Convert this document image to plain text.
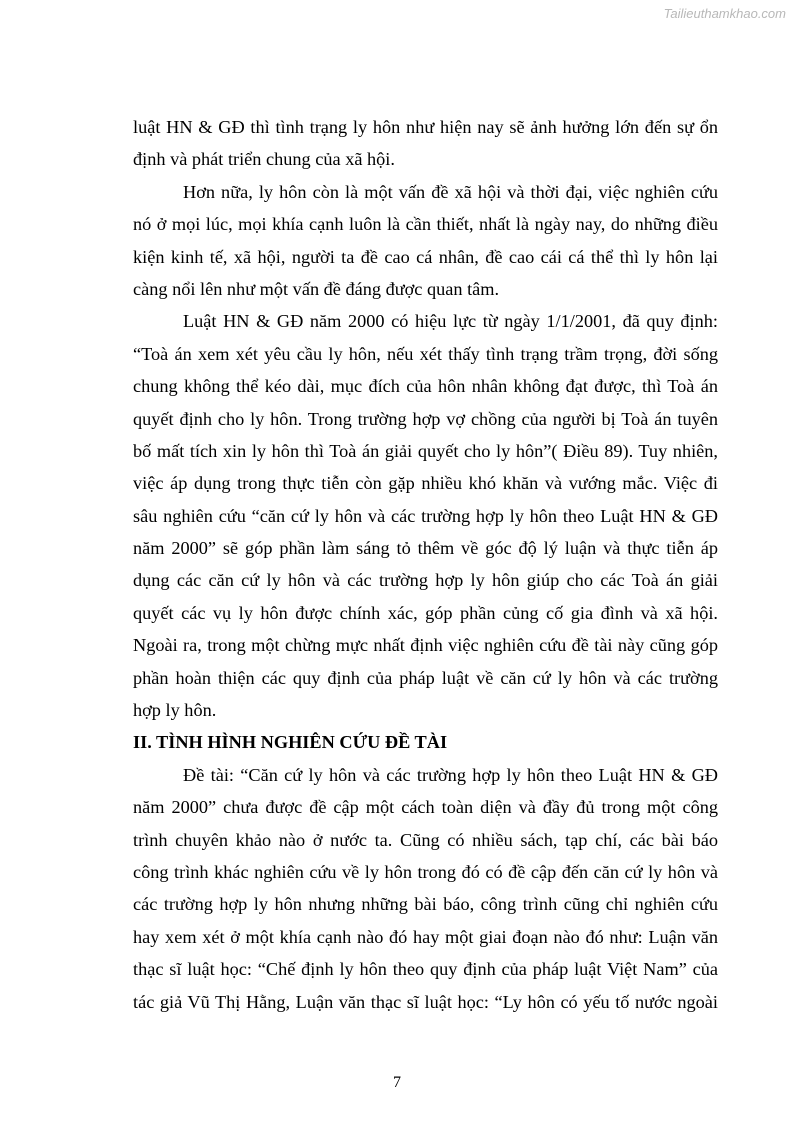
Tailieuthamkhao.com
luật HN & GĐ thì tình trạng ly hôn như hiện nay sẽ ảnh hưởng lớn đến sự ổn
định và phát triển chung của xã hội.
Hơn nữa, ly hôn còn là một vấn đề xã hội và thời đại, việc nghiên cứu
nó ở mọi lúc, mọi khía cạnh luôn là cần thiết, nhất là ngày nay, do những điều
kiện kinh tế, xã hội, người ta đề cao cá nhân, đề cao cái cá thể thì ly hôn lại
càng nổi lên như một vấn đề đáng được quan tâm.
Luật HN & GĐ năm 2000 có hiệu lực từ ngày 1/1/2001, đã quy định:
“Toà án xem xét yêu cầu ly hôn, nếu xét thấy tình trạng trầm trọng, đời sống
chung không thể kéo dài, mục đích của hôn nhân không đạt được, thì Toà án
quyết định cho ly hôn. Trong trường hợp vợ chồng của người bị Toà án tuyên
bố mất tích xin ly hôn thì Toà án giải quyết cho ly hôn”( Điều 89). Tuy nhiên,
việc áp dụng trong thực tiễn còn gặp nhiều khó khăn và vướng mắc. Việc đi
sâu nghiên cứu “căn cứ ly hôn và các trường hợp ly hôn theo Luật HN & GĐ
năm 2000” sẽ góp phần làm sáng tỏ thêm về góc độ lý luận và thực tiễn áp
dụng các căn cứ ly hôn và các trường hợp ly hôn giúp cho các Toà án giải
quyết các vụ ly hôn được chính xác, góp phần củng cố gia đình và xã hội.
Ngoài ra, trong một chừng mực nhất định việc nghiên cứu đề tài này cũng góp
phần hoàn thiện các quy định của pháp luật về căn cứ ly hôn và các trường
hợp ly hôn.
II. TÌNH HÌNH NGHIÊN CỨU ĐỀ TÀI
Đề tài: “Căn cứ ly hôn và các trường hợp ly hôn theo Luật HN & GĐ
năm 2000” chưa được đề cập một cách toàn diện và đầy đủ trong một công
trình chuyên khảo nào ở nước ta. Cũng có nhiều sách, tạp chí, các bài báo
công trình khác nghiên cứu về ly hôn trong đó có đề cập đến căn cứ ly hôn và
các trường hợp ly hôn nhưng những bài báo, công trình cũng chỉ nghiên cứu
hay xem xét ở một khía cạnh nào đó hay một giai đoạn nào đó như: Luận văn
thạc sĩ luật học: “Chế định ly hôn theo quy định của pháp luật Việt Nam” của
tác giả Vũ Thị Hằng, Luận văn thạc sĩ luật học: “Ly hôn có yếu tố nước ngoài
7
